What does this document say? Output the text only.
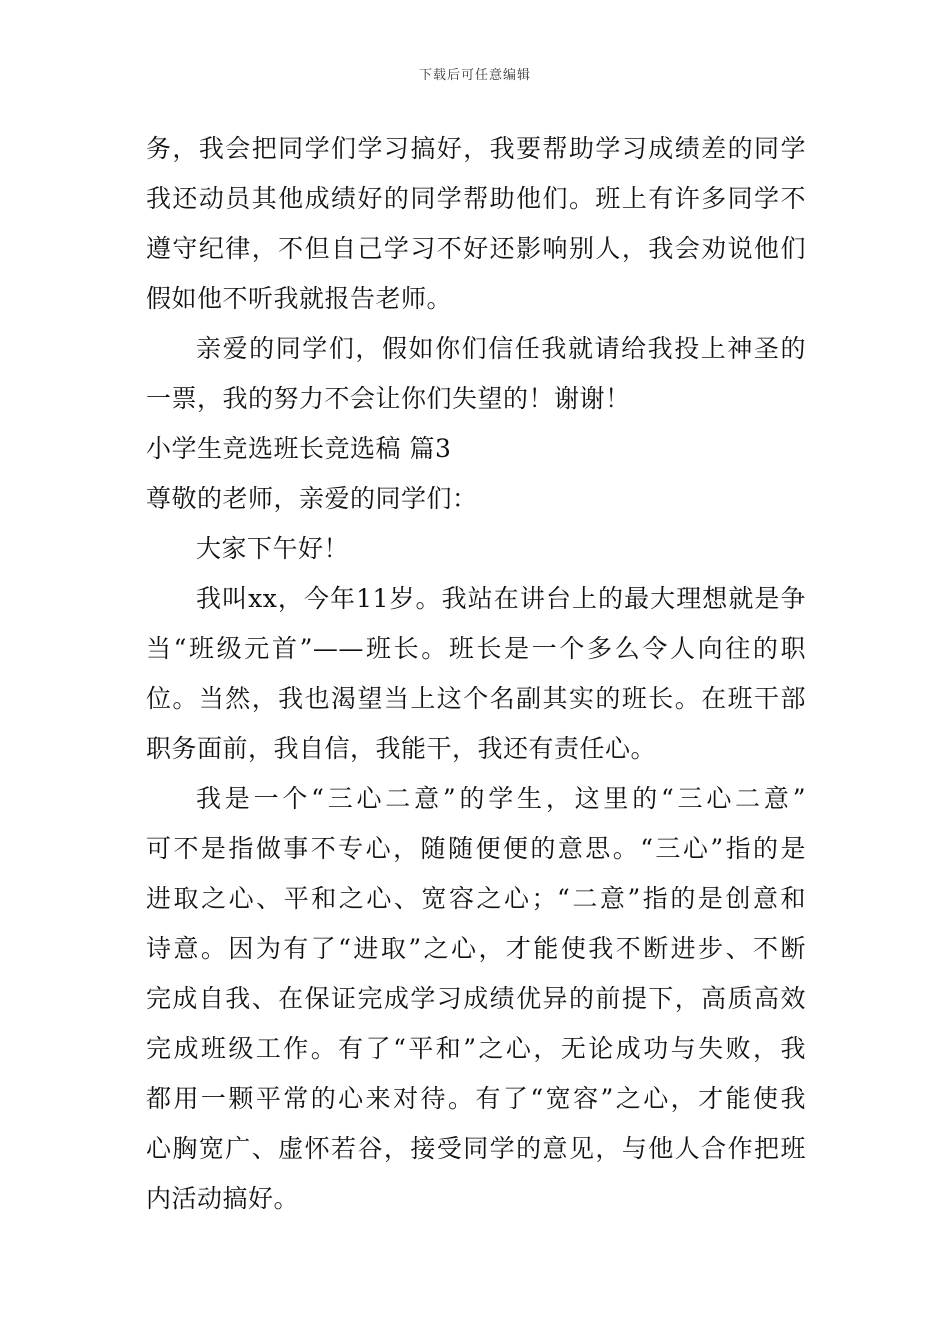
下载后可任意编辑
务，我会把同学们学习搞好，我要帮助学习成绩差的同学
我还动员其他成绩好的同学帮助他们。班上有许多同学不
遵守纪律，不但自己学习不好还影响别人，我会劝说他们
假如他不听我就报告老师。
亲爱的同学们，假如你们信任我就请给我投上神圣的
一票，我的努力不会让你们失望的！谢谢！
小学生竞选班长竞选稿 篇3
尊敬的老师，亲爱的同学们：
大家下午好！
我叫xx，今年11岁。我站在讲台上的最大理想就是争
当“班级元首”——班长。班长是一个多么令人向往的职
位。当然，我也渴望当上这个名副其实的班长。在班干部
职务面前，我自信，我能干，我还有责任心。
我是一个“三心二意”的学生，这里的“三心二意”
可不是指做事不专心，随随便便的意思。“三心”指的是
进取之心、平和之心、宽容之心；“二意”指的是创意和
诗意。因为有了“进取”之心，才能使我不断进步、不断
完成自我、在保证完成学习成绩优异的前提下，高质高效
完成班级工作。有了“平和”之心，无论成功与失败，我
都用一颗平常的心来对待。有了“宽容”之心，才能使我
心胸宽广、虚怀若谷，接受同学的意见，与他人合作把班
内活动搞好。
